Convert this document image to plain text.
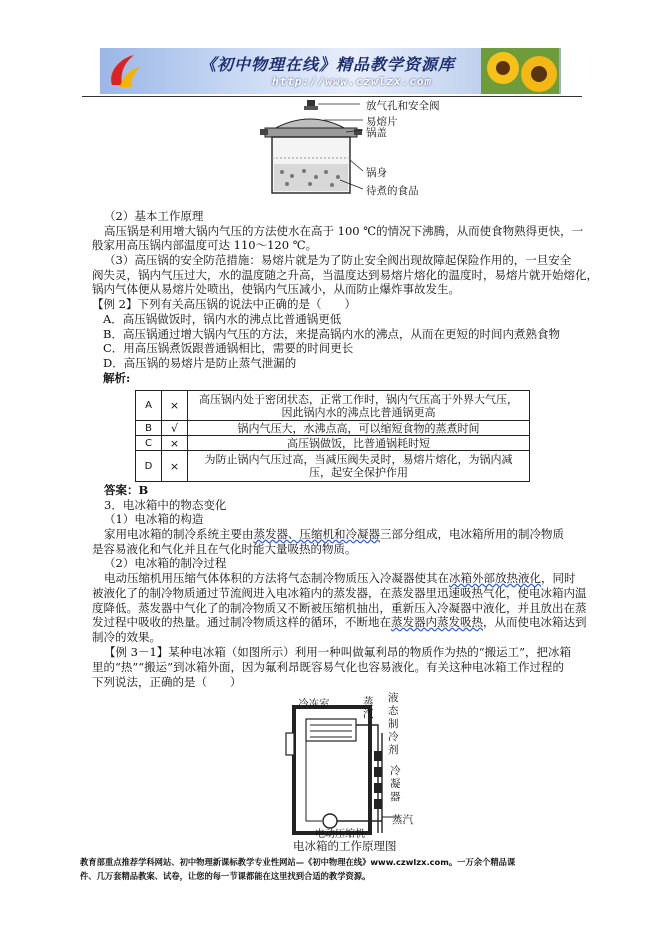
《初中物理在线》精品教学资源库
http://www.czwlzx.com
放气孔和安全阀
易熔片
锅盖
锅身
待煮的食品
（2）基本工作原理
高压锅是利用增大锅内气压的方法使水在高于 100 ℃的情况下沸腾，从而使食物熟得更快，一
般家用高压锅内部温度可达 110～120 ℃。
（3）高压锅的安全防范措施：易熔片就是为了防止安全阀出现故障起保险作用的，一旦安全
阀失灵，锅内气压过大，水的温度随之升高，当温度达到易熔片熔化的温度时，易熔片就开始熔化，
锅内气体便从易熔片处喷出，使锅内气压减小，从而防止爆炸事故发生。
【例 2】下列有关高压锅的说法中正确的是（　　）
A．高压锅做饭时，锅内水的沸点比普通锅更低
B．高压锅通过增大锅内气压的方法，来提高锅内水的沸点，从而在更短的时间内煮熟食物
C．用高压锅煮饭跟普通锅相比，需要的时间更长
D．高压锅的易熔片是防止蒸气泄漏的
解析:
A	×	高压锅内处于密闭状态，正常工作时，锅内气压高于外界大气压，
因此锅内水的沸点比普通锅更高

B	√	锅内气压大，水沸点高，可以缩短食物的蒸煮时间

C	×	高压锅做饭，比普通锅耗时短

D	×	为防止锅内气压过高，当减压阀失灵时，易熔片熔化，为锅内减
压，起安全保护作用
答案：B
3．电冰箱中的物态变化
（1）电冰箱的构造
家用电冰箱的制冷系统主要由蒸发器、压缩机和冷凝器三部分组成，电冰箱所用的制冷物质
是容易液化和气化并且在气化时能大量吸热的物质。
（2）电冰箱的制冷过程
电动压缩机用压缩气体体积的方法将气态制冷物质压入冷凝器使其在冰箱外部放热液化，同时
被液化了的制冷物质通过节流阀进入电冰箱内的蒸发器，在蒸发器里迅速吸热气化，使电冰箱内温
度降低。蒸发器中气化了的制冷物质又不断被压缩机抽出，重新压入冷凝器中液化，并且放出在蒸
发过程中吸收的热量。通过制冷物质这样的循环，不断地在蒸发器内蒸发吸热，从而使电冰箱达到
制冷的效果。
【例 3－1】某种电冰箱（如图所示）利用一种叫做氟利昂的物质作为热的“搬运工”，把冰箱
里的“热”“搬运”到冰箱外面，因为氟利昂既容易气化也容易液化。有关这种电冰箱工作过程的
下列说法，正确的是（　　）
冷冻室	蒸汽
液态制冷剂
冷凝器
蒸汽
电动压缩机
电冰箱的工作原理图
教育部重点推荐学科网站、初中物理新课标教学专业性网站—《初中物理在线》www.czwlzx.com。一万余个精品课
件、几万套精品教案、试卷，让您的每一节课都能在这里找到合适的教学资源。
